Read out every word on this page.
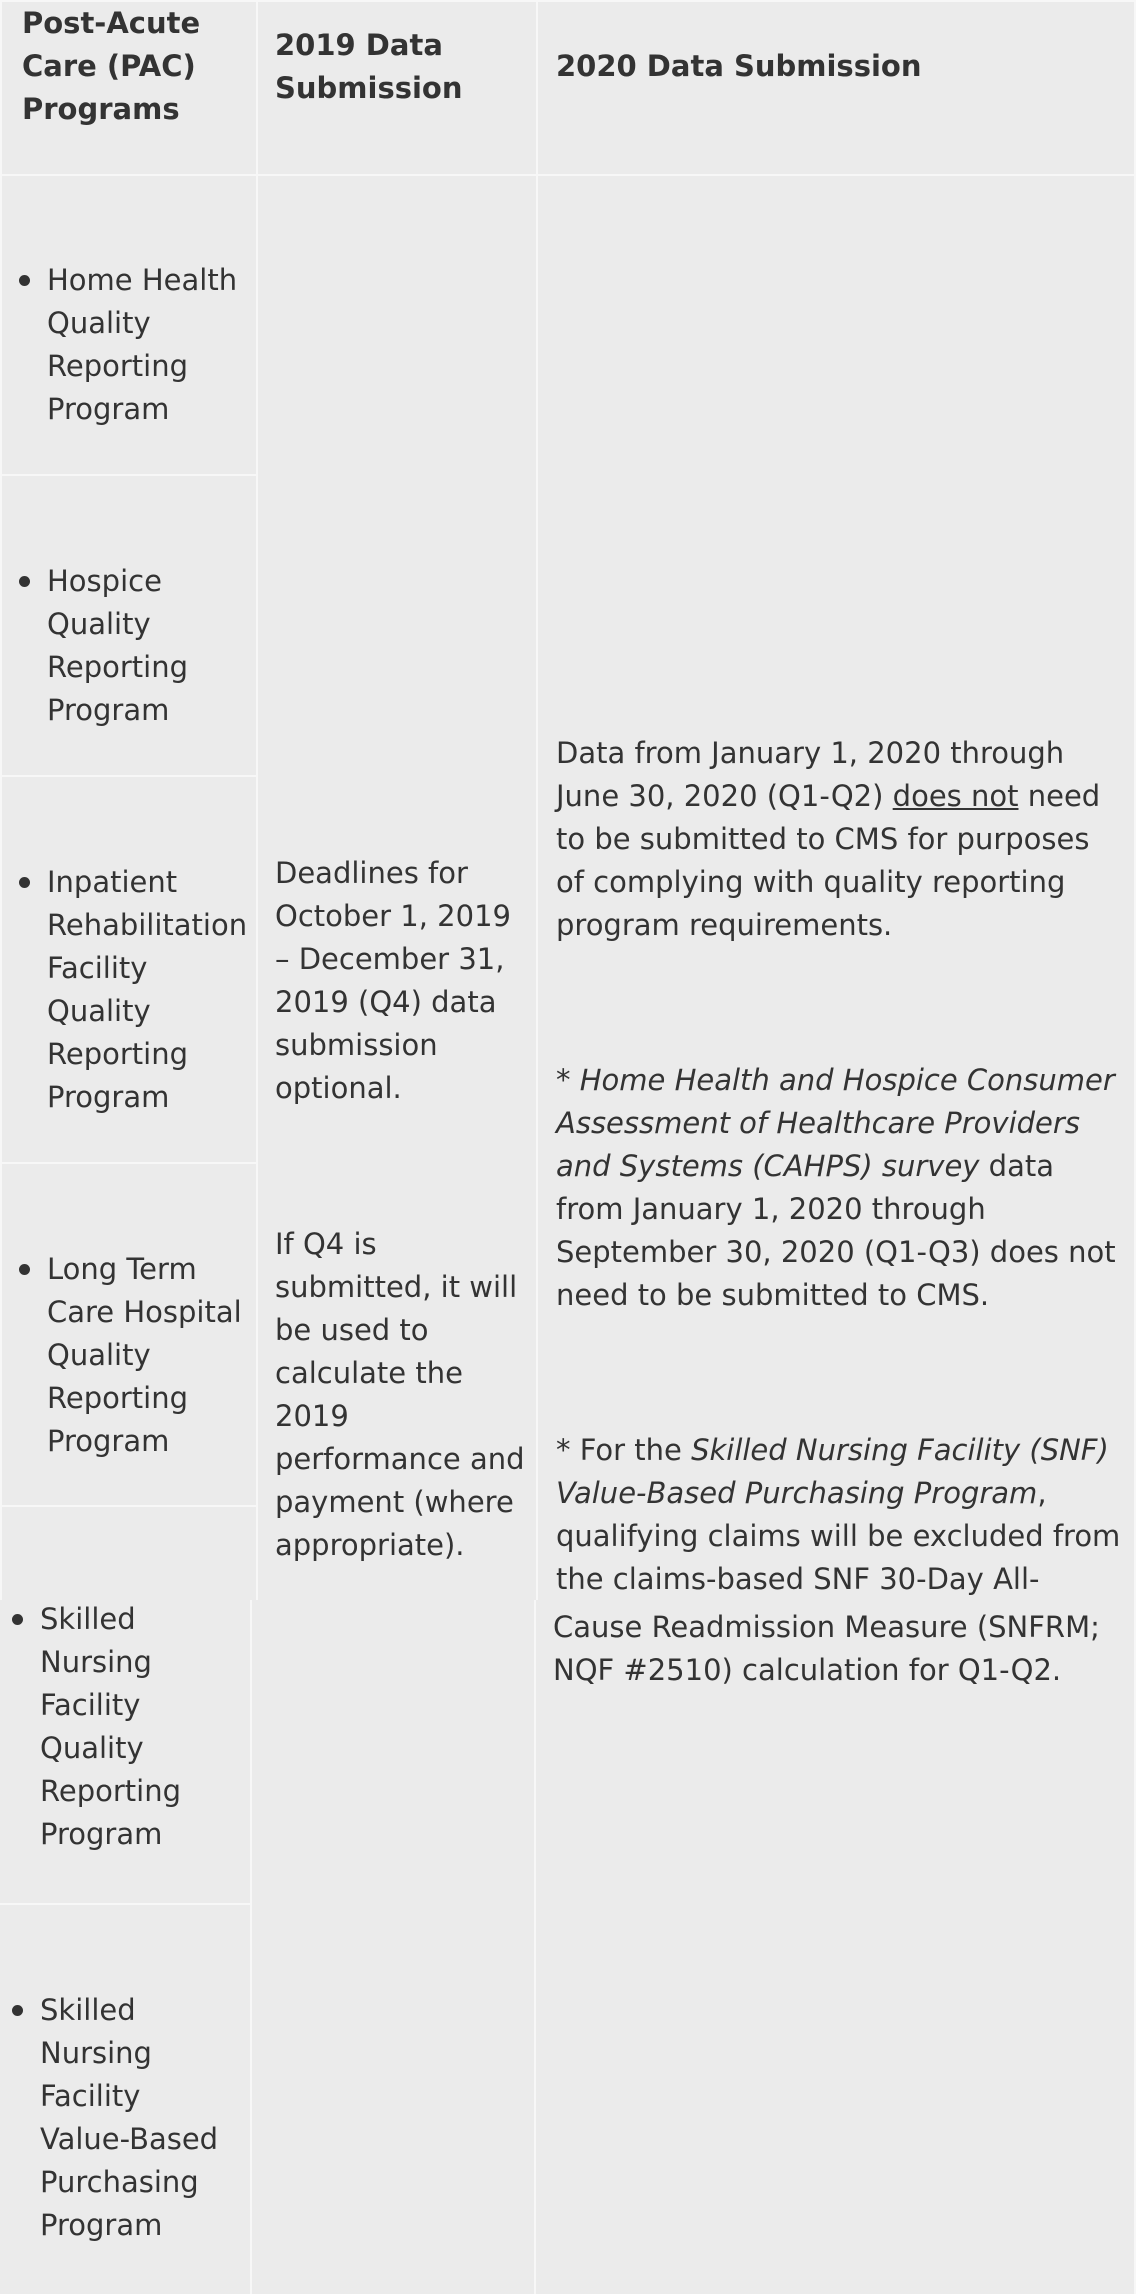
Post-Acute Care (PAC) Programs
2019 Data Submission
2020 Data Submission
Home Health Quality Reporting Program
Hospice Quality Reporting Program
Inpatient Rehabilitation Facility Quality Reporting Program
Long Term Care Hospital Quality Reporting Program
Skilled Nursing Facility Quality Reporting Program
Skilled Nursing Facility Value-Based Purchasing Program
Deadlines for October 1, 2019 – December 31, 2019 (Q4) data submission optional.
If Q4 is submitted, it will be used to calculate the 2019 performance and payment (where appropriate).
Data from January 1, 2020 through June 30, 2020 (Q1-Q2) does not need to be submitted to CMS for purposes of complying with quality reporting program requirements.
* Home Health and Hospice Consumer Assessment of Healthcare Providers and Systems (CAHPS) survey data from January 1, 2020 through September 30, 2020 (Q1-Q3) does not need to be submitted to CMS.
* For the Skilled Nursing Facility (SNF) Value-Based Purchasing Program, qualifying claims will be excluded from the claims-based SNF 30-Day All-
Cause Readmission Measure (SNFRM; NQF #2510) calculation for Q1-Q2.
